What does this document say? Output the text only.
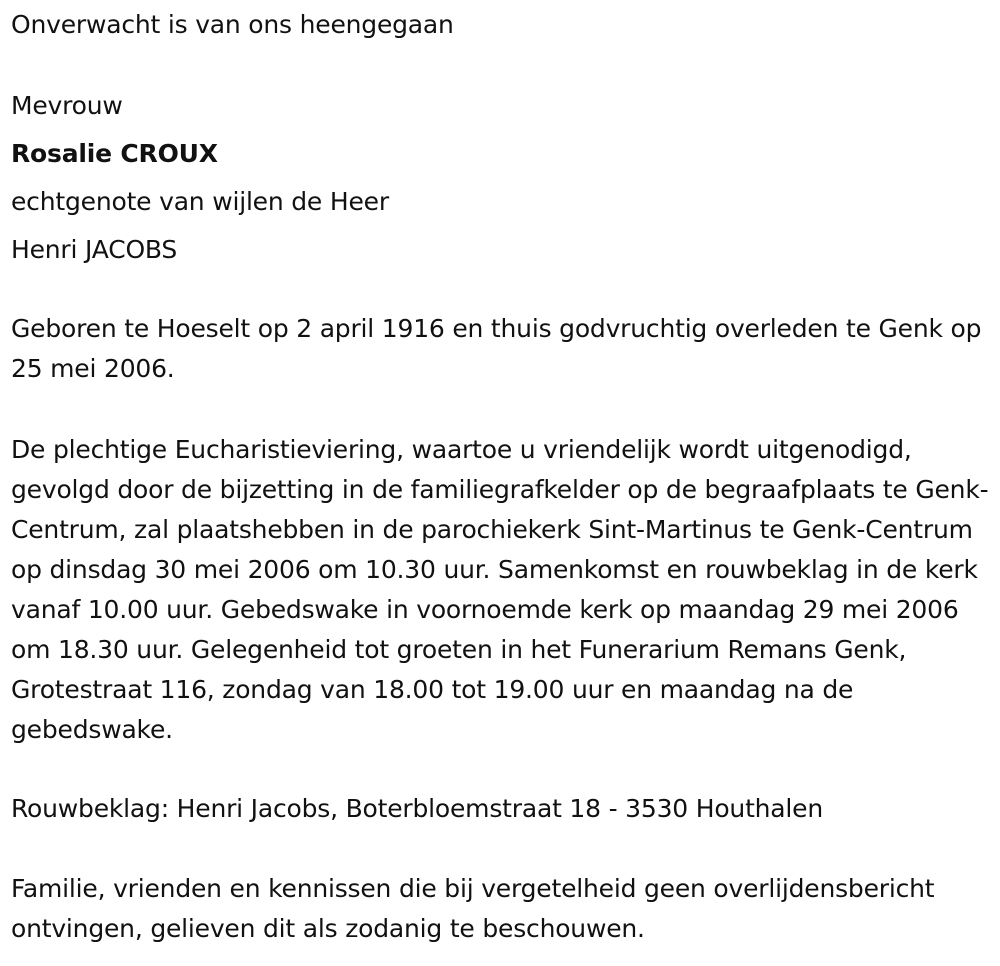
Onverwacht is van ons heengegaan
Mevrouw
Rosalie CROUX
echtgenote van wijlen de Heer
Henri JACOBS
Geboren te Hoeselt op 2 april 1916 en thuis godvruchtig overleden te Genk op 25 mei 2006.
De plechtige Eucharistieviering, waartoe u vriendelijk wordt uitgenodigd, gevolgd door de bijzetting in de familiegrafkelder op de begraafplaats te Genk-Centrum, zal plaatshebben in de parochiekerk Sint-Martinus te Genk-Centrum op dinsdag 30 mei 2006 om 10.30 uur. Samenkomst en rouwbeklag in de kerk vanaf 10.00 uur. Gebedswake in voornoemde kerk op maandag 29 mei 2006 om 18.30 uur. Gelegenheid tot groeten in het Funerarium Remans Genk, Grotestraat 116, zondag van 18.00 tot 19.00 uur en maandag na de gebedswake.
Rouwbeklag: Henri Jacobs, Boterbloemstraat 18 - 3530 Houthalen
Familie, vrienden en kennissen die bij vergetelheid geen overlijdensbericht ontvingen, gelieven dit als zodanig te beschouwen.
